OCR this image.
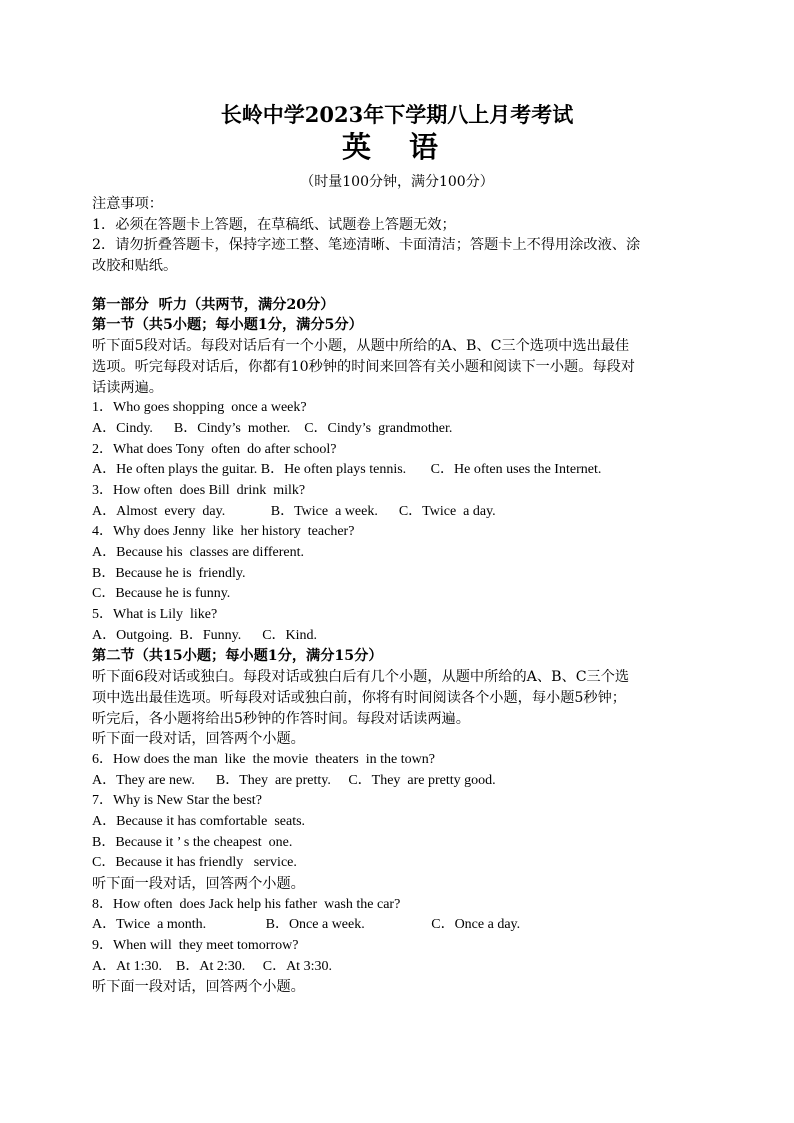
长岭中学2023年下学期八上月考考试
英 语
（时量100分钟，满分100分）
注意事项：
1．必须在答题卡上答题，在草稿纸、试题卷上答题无效；
2．请勿折叠答题卡，保持字迹工整、笔迹清晰、卡面清洁；答题卡上不得用涂改液、涂
改胶和贴纸。
第一部分  听力（共两节，满分20分）
第一节（共5小题；每小题1分，满分5分）
听下面5段对话。每段对话后有一个小题，从题中所给的A、B、C三个选项中选出最佳
选项。听完每段对话后，你都有10秒钟的时间来回答有关小题和阅读下一小题。每段对
话读两遍。
1．Who goes shopping  once a week?
A．Cindy.      B．Cindy’s  mother.    C．Cindy’s  grandmother.
2．What does Tony  often  do after school?
A．He often plays the guitar. B．He often plays tennis.       C．He often uses the Internet.
3．How often  does Bill  drink  milk?
A．Almost  every  day.             B．Twice  a week.      C．Twice  a day.
4．Why does Jenny  like  her history  teacher?
A．Because his  classes are different.
B．Because he is  friendly.
C．Because he is funny.
5．What is Lily  like?
A．Outgoing.  B．Funny.      C．Kind.
第二节（共15小题；每小题1分，满分15分）
听下面6段对话或独白。每段对话或独白后有几个小题，从题中所给的A、B、C三个选
项中选出最佳选项。听每段对话或独白前，你将有时间阅读各个小题，每小题5秒钟；
听完后，各小题将给出5秒钟的作答时间。每段对话读两遍。
听下面一段对话，回答两个小题。
6．How does the man  like  the movie  theaters  in the town?
A．They are new.      B．They  are pretty.     C．They  are pretty good.
7．Why is New Star the best?
A．Because it has comfortable  seats.
B．Because it ’ s the cheapest  one.
C．Because it has friendly   service.
听下面一段对话，回答两个小题。
8．How often  does Jack help his father  wash the car?
A．Twice  a month.                 B．Once a week.                   C．Once a day.
9．When will  they meet tomorrow?
A．At 1:30.    B．At 2:30.     C．At 3:30.
听下面一段对话，回答两个小题。
